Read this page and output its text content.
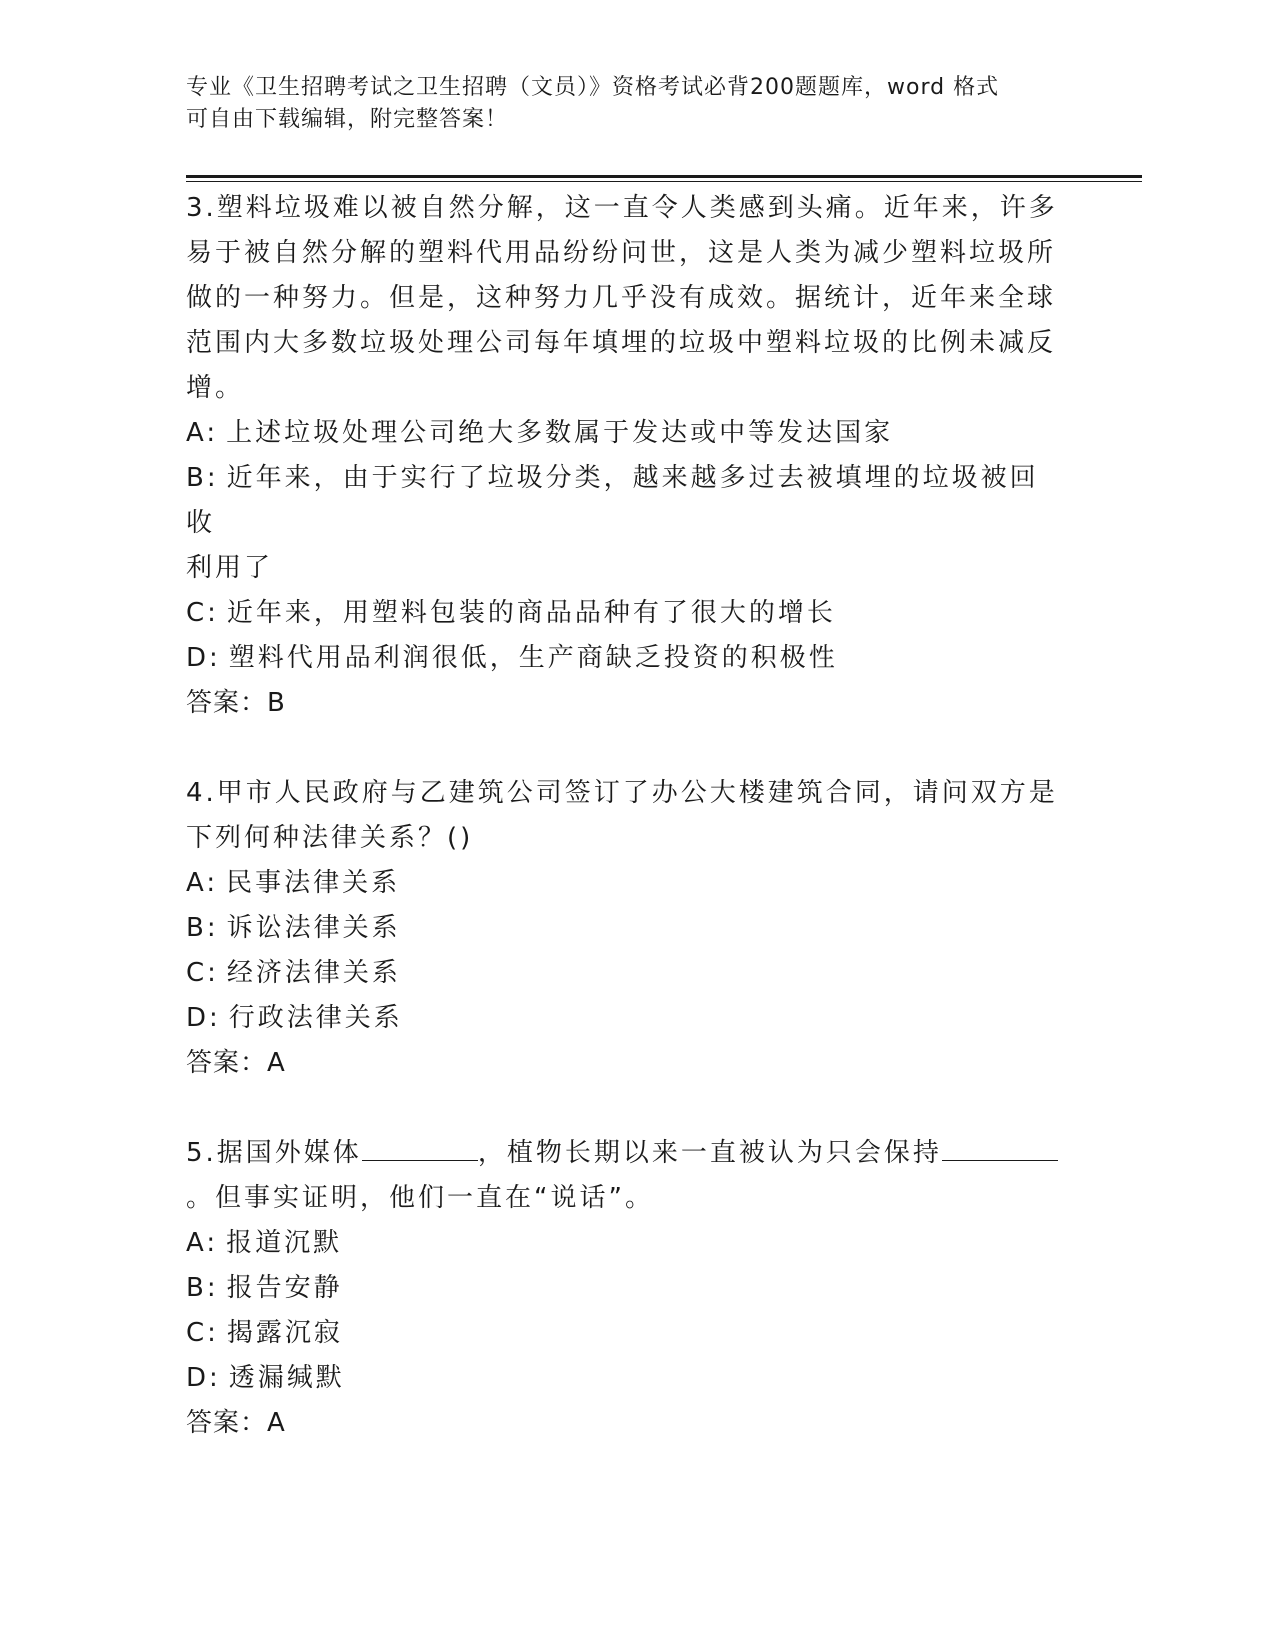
专业《卫生招聘考试之卫生招聘（文员）》资格考试必背200题题库，word 格式
可自由下载编辑，附完整答案！
3.塑料垃圾难以被自然分解，这一直令人类感到头痛。近年来，许多
易于被自然分解的塑料代用品纷纷问世，这是人类为减少塑料垃圾所
做的一种努力。但是，这种努力几乎没有成效。据统计，近年来全球
范围内大多数垃圾处理公司每年填埋的垃圾中塑料垃圾的比例未减反
增。
A: 上述垃圾处理公司绝大多数属于发达或中等发达国家
B: 近年来，由于实行了垃圾分类，越来越多过去被填埋的垃圾被回收
利用了
C: 近年来，用塑料包装的商品品种有了很大的增长
D: 塑料代用品利润很低，生产商缺乏投资的积极性
答案：B
4.甲市人民政府与乙建筑公司签订了办公大楼建筑合同，请问双方是
下列何种法律关系？()
A: 民事法律关系
B: 诉讼法律关系
C: 经济法律关系
D: 行政法律关系
答案：A
5.据国外媒体	，植物长期以来一直被认为只会保持
。但事实证明，他们一直在“说话”。
A: 报道沉默
B: 报告安静
C: 揭露沉寂
D: 透漏缄默
答案：A
